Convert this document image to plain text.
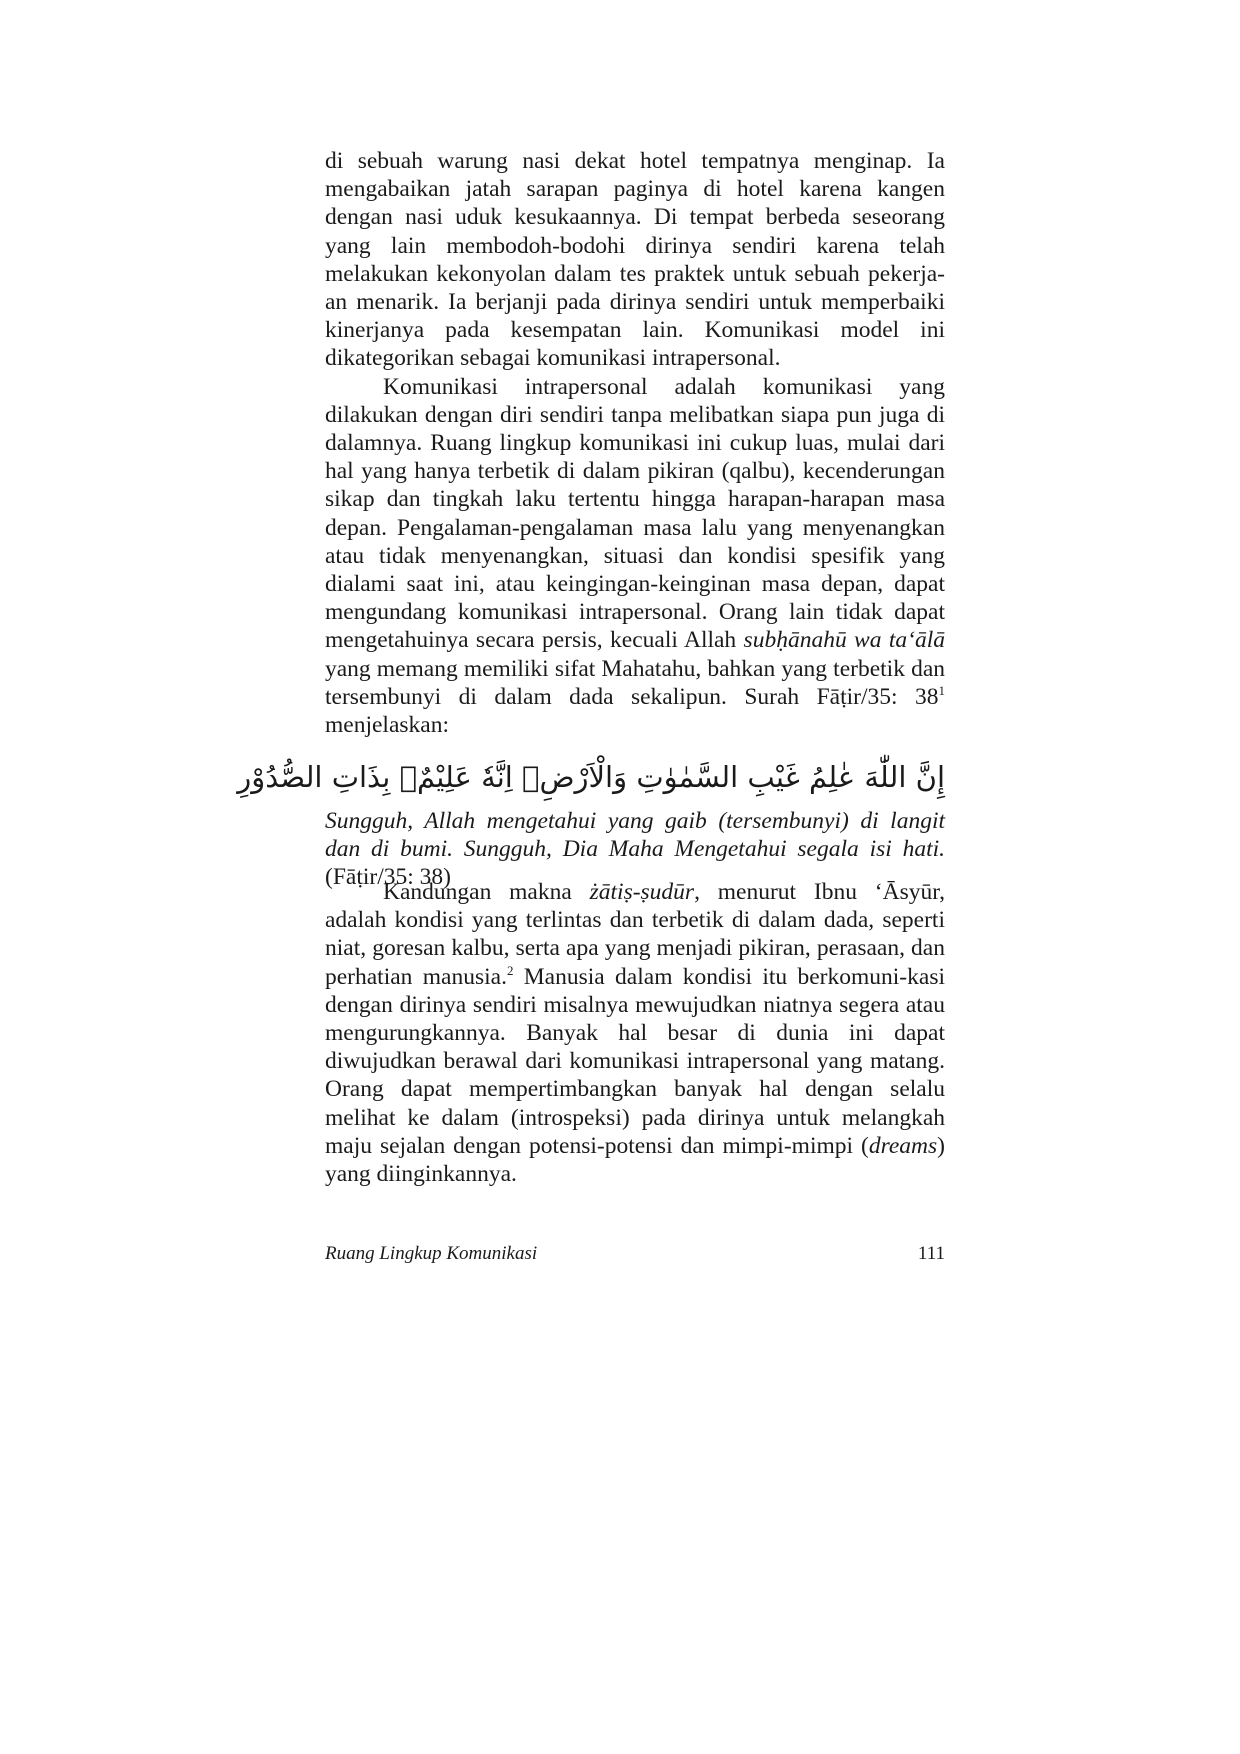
di sebuah warung nasi dekat hotel tempatnya menginap. Ia mengabaikan jatah sarapan paginya di hotel karena kangen dengan nasi uduk kesukaannya. Di tempat berbeda seseorang yang lain membodoh-bodohi dirinya sendiri karena telah melakukan kekonyolan dalam tes praktek untuk sebuah pekerja-an menarik. Ia berjanji pada dirinya sendiri untuk memperbaiki kinerjanya pada kesempatan lain. Komunikasi model ini dikategorikan sebagai komunikasi intrapersonal.

Komunikasi intrapersonal adalah komunikasi yang dilakukan dengan diri sendiri tanpa melibatkan siapa pun juga di dalamnya. Ruang lingkup komunikasi ini cukup luas, mulai dari hal yang hanya terbetik di dalam pikiran (qalbu), kecenderungan sikap dan tingkah laku tertentu hingga harapan-harapan masa depan. Pengalaman-pengalaman masa lalu yang menyenangkan atau tidak menyenangkan, situasi dan kondisi spesifik yang dialami saat ini, atau keingingan-keinginan masa depan, dapat mengundang komunikasi intrapersonal. Orang lain tidak dapat mengetahuinya secara persis, kecuali Allah subḥānahū wa ta‘ālā yang memang memiliki sifat Mahatahu, bahkan yang terbetik dan tersembunyi di dalam dada sekalipun. Surah Fāṭir/35: $38^1$ menjelaskan:

إِنَّ اللّٰهَ عٰلِمُ غَيْبِ السَّمٰوٰتِ وَالْاَرْضِۗ اِنَّهٗ عَلِيْمٌۢ بِذَاتِ الصُّدُوْرِ

Sungguh, Allah mengetahui yang gaib (tersembunyi) di langit dan di bumi. Sungguh, Dia Maha Mengetahui segala isi hati. (Fāṭir/35: 38)

Kandungan makna żātiṣ-ṣudūr, menurut Ibnu ‘Āsyūr, adalah kondisi yang terlintas dan terbetik di dalam dada, seperti niat, goresan kalbu, serta apa yang menjadi pikiran, perasaan, dan perhatian manusia.$^2$ Manusia dalam kondisi itu berkomuni-kasi dengan dirinya sendiri misalnya mewujudkan niatnya segera atau mengurungkannya. Banyak hal besar di dunia ini dapat diwujudkan berawal dari komunikasi intrapersonal yang matang. Orang dapat mempertimbangkan banyak hal dengan selalu melihat ke dalam (introspeksi) pada dirinya untuk melangkah maju sejalan dengan potensi-potensi dan mimpi-mimpi (dreams) yang diinginkannya.

Ruang Lingkup Komunikasi	111
